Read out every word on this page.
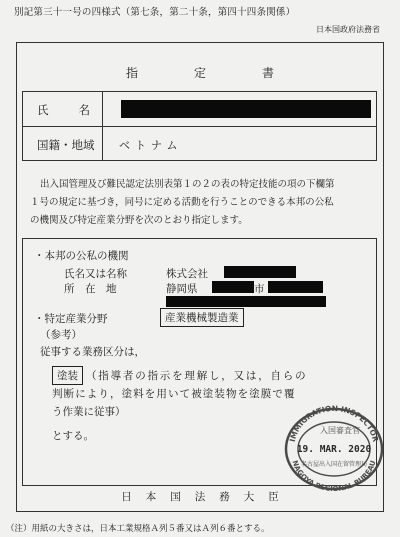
別記第三十一号の四様式（第七条，第二十条，第四十四条関係）
日本国政府法務省
指　定　書
氏	名
国籍・地域 ベトナム
出入国管理及び難民認定法別表第１の２の表の特定技能の項の下欄第
１号の規定に基づき，同号に定める活動を行うことのできる本邦の公私
の機関及び特定産業分野を次のとおり指定します。
・本邦の公私の機関
氏名又は名称	株式会社
所　在　地	静岡県	市
・特定産業分野	産業機械製造業
（参考）
従事する業務区分は，
塗装 （指導者の指示を理解し，又は，自らの
判断により，塗料を用いて被塗装物を塗膜で覆
う作業に従事）
とする。	IMMIGRATION INSPECTOR
入国審査官
19. MAR. 2020
名古屋出入国在留管理局
NAGOYA REGIONAL BUREAU
日本国法務大臣
（注）用紙の大きさは，日本工業規格Ａ列５番又はＡ列６番とする。
